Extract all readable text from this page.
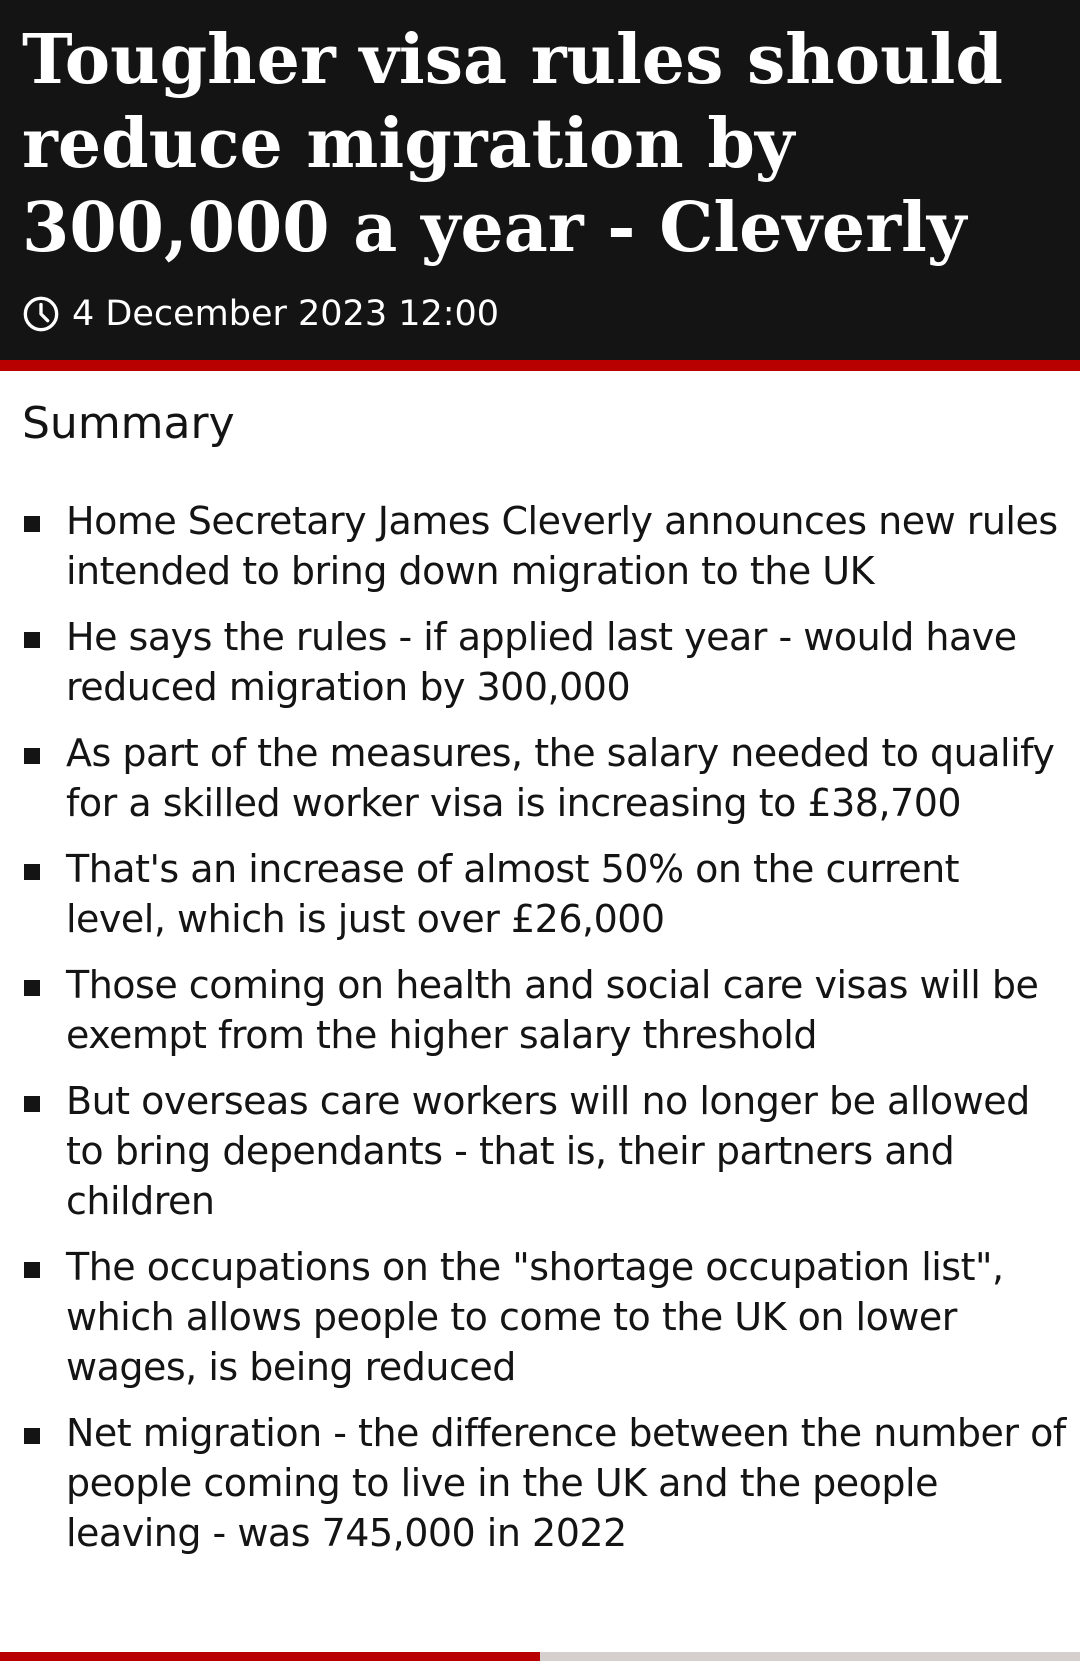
Tougher visa rules should reduce migration by 300,000 a year - Cleverly
4 December 2023 12:00
Summary
Home Secretary James Cleverly announces new rules intended to bring down migration to the UK
He says the rules - if applied last year - would have reduced migration by 300,000
As part of the measures, the salary needed to qualify for a skilled worker visa is increasing to £38,700
That's an increase of almost 50% on the current level, which is just over £26,000
Those coming on health and social care visas will be exempt from the higher salary threshold
But overseas care workers will no longer be allowed to bring dependants - that is, their partners and children
The occupations on the "shortage occupation list", which allows people to come to the UK on lower wages, is being reduced
Net migration - the difference between the number of people coming to live in the UK and the people leaving - was 745,000 in 2022
